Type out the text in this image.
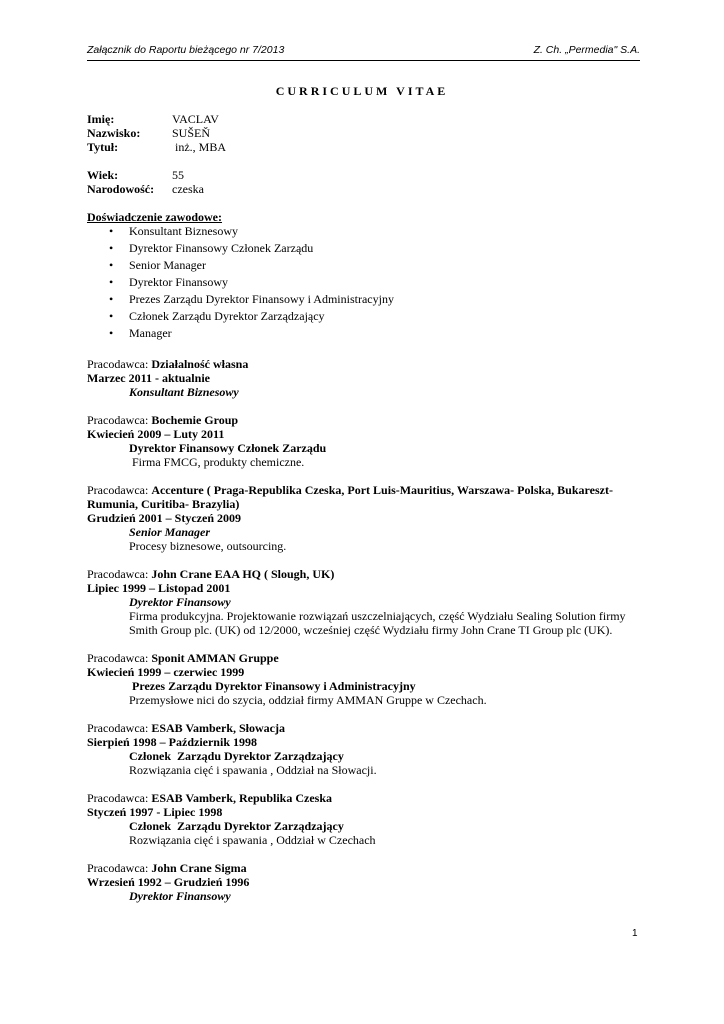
Załącznik do Raportu bieżącego nr 7/2013	Z. Ch. „Permedia" S.A.
CURRICULUM VITAE
Imię:	VACLAV
Nazwisko:	SUŠEŇ
Tytuł:	inż., MBA
Wiek:	55
Narodowość:	czeska
Doświadczenie zawodowe:
• Konsultant Biznesowy
• Dyrektor Finansowy Członek Zarządu
• Senior Manager
• Dyrektor Finansowy
• Prezes Zarządu Dyrektor Finansowy i Administracyjny
• Członek Zarządu Dyrektor Zarządzający
• Manager
Pracodawca: Działalność własna
Marzec 2011 - aktualnie
Konsultant Biznesowy
Pracodawca: Bochemie Group
Kwiecień 2009 – Luty 2011
Dyrektor Finansowy Członek Zarządu
Firma FMCG, produkty chemiczne.
Pracodawca: Accenture ( Praga-Republika Czeska, Port Luis-Mauritius, Warszawa- Polska, Bukareszt-Rumunia, Curitiba- Brazylia)
Grudzień 2001 – Styczeń 2009
Senior Manager
Procesy biznesowe, outsourcing.
Pracodawca: John Crane EAA HQ ( Slough, UK)
Lipiec 1999 – Listopad 2001
Dyrektor Finansowy
Firma produkcyjna. Projektowanie rozwiązań uszczelniających, część Wydziału Sealing Solution firmy Smith Group plc. (UK) od 12/2000, wcześniej część Wydziału firmy John Crane TI Group plc (UK).
Pracodawca: Sponit AMMAN Gruppe
Kwiecień 1999 – czerwiec 1999
Prezes Zarządu Dyrektor Finansowy i Administracyjny
Przemysłowe nici do szycia, oddział firmy AMMAN Gruppe w Czechach.
Pracodawca: ESAB Vamberk, Słowacja
Sierpień 1998 – Październik 1998
Członek  Zarządu Dyrektor Zarządzający
Rozwiązania cięć i spawania , Oddział na Słowacji.
Pracodawca: ESAB Vamberk, Republika Czeska
Styczeń 1997 - Lipiec 1998
Członek  Zarządu Dyrektor Zarządzający
Rozwiązania cięć i spawania , Oddział w Czechach
Pracodawca: John Crane Sigma
Wrzesień 1992 – Grudzień 1996
Dyrektor Finansowy
1
